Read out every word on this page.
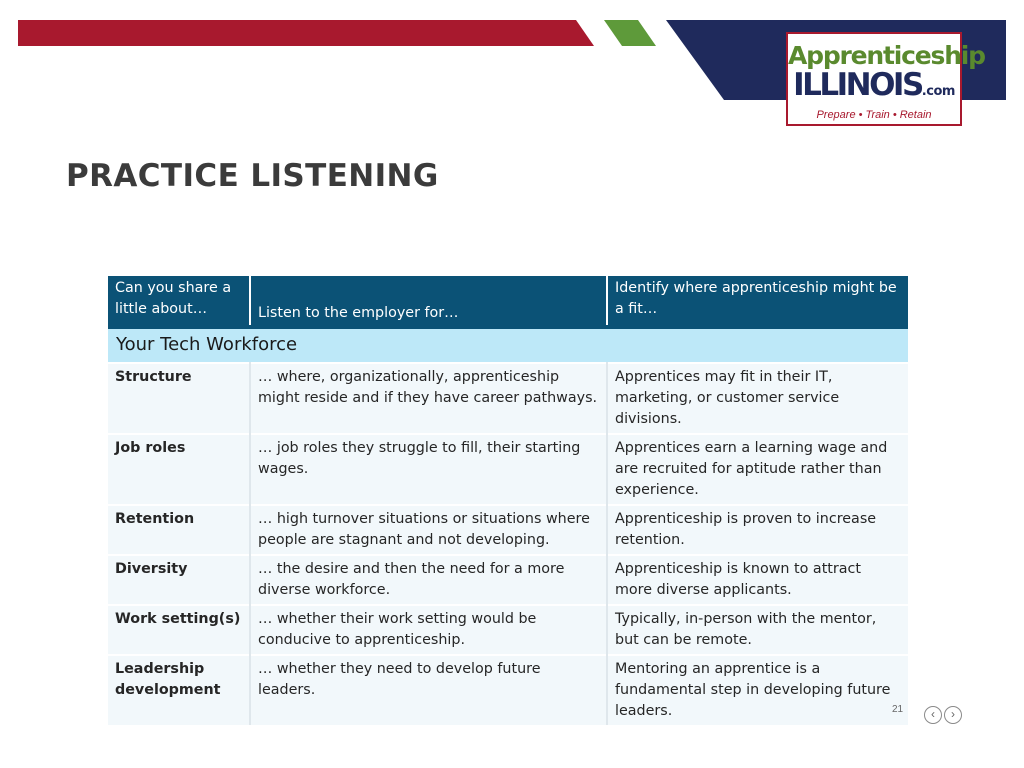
Apprenticeship
ILLINOIS.com
Prepare • Train • Retain
PRACTICE LISTENING
Can you share a little about…	Listen to the employer for…	Identify where apprenticeship might be a fit…
Your Tech Workforce		
Structure	… where, organizationally, apprenticeship might reside and if they have career pathways.	Apprentices may fit in their IT, marketing, or customer service divisions.
Job roles	… job roles they struggle to fill, their starting wages.	Apprentices earn a learning wage and are recruited for aptitude rather than experience.
Retention	… high turnover situations or situations where people are stagnant and not developing.	Apprenticeship is proven to increase retention.
Diversity	… the desire and then the need for a more diverse workforce.	Apprenticeship is known to attract more diverse applicants.
Work setting(s)	… whether their work setting would be conducive to apprenticeship.	Typically, in-person with the mentor, but can be remote.
Leadership development	… whether they need to develop future leaders.	Mentoring an apprentice is a fundamental step in developing future leaders.	21	‹	›
